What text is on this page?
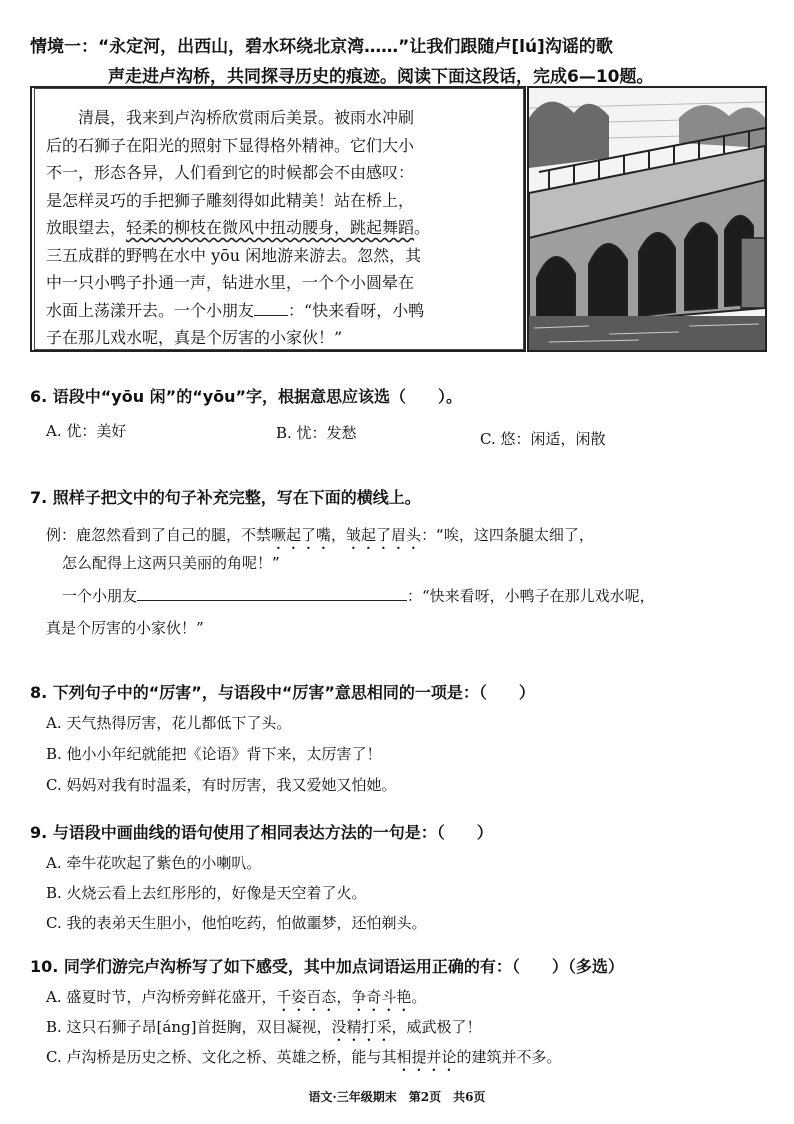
情境一：“永定河，出西山，碧水环绕北京湾……”让我们跟随卢[lú]沟谣的歌
声走进卢沟桥，共同探寻历史的痕迹。阅读下面这段话，完成6—10题。
清晨，我来到卢沟桥欣赏雨后美景。被雨水冲刷
后的石狮子在阳光的照射下显得格外精神。它们大小
不一，形态各异，人们看到它的时候都会不由感叹：
是怎样灵巧的手把狮子雕刻得如此精美！站在桥上，
放眼望去，轻柔的柳枝在微风中扭动腰身，跳起舞蹈。
三五成群的野鸭在水中 yōu 闲地游来游去。忽然，其
中一只小鸭子扑通一声，钻进水里，一个个小圆晕在
水面上荡漾开去。一个小朋友 ：“快来看呀，小鸭
子在那儿戏水呢，真是个厉害的小家伙！”
6. 语段中“yōu 闲”的“yōu”字，根据意思应该选（　　）。
A. 优：美好	B. 忧：发愁	C. 悠：闲适，闲散
7. 照样子把文中的句子补充完整，写在下面的横线上。
例：鹿忽然看到了自己的腿，不禁噘起了嘴，皱起了眉头：“唉，这四条腿太细了，
怎么配得上这两只美丽的角呢！”
一个小朋友	：“快来看呀，小鸭子在那儿戏水呢，
真是个厉害的小家伙！”
8. 下列句子中的“厉害”，与语段中“厉害”意思相同的一项是：（　　）
A. 天气热得厉害，花儿都低下了头。
B. 他小小年纪就能把《论语》背下来，太厉害了！
C. 妈妈对我有时温柔，有时厉害，我又爱她又怕她。
9. 与语段中画曲线的语句使用了相同表达方法的一句是：（　　）
A. 牵牛花吹起了紫色的小喇叭。
B. 火烧云看上去红彤彤的，好像是天空着了火。
C. 我的表弟天生胆小，他怕吃药，怕做噩梦，还怕剃头。
10. 同学们游完卢沟桥写了如下感受，其中加点词语运用正确的有：（　　）（多选）
A. 盛夏时节，卢沟桥旁鲜花盛开，千姿百态，争奇斗艳。
B. 这只石狮子昂[áng]首挺胸，双目凝视，没精打采，威武极了！
C. 卢沟桥是历史之桥、文化之桥、英雄之桥，能与其相提并论的建筑并不多。
语文·三年级期末　第2页　共6页
